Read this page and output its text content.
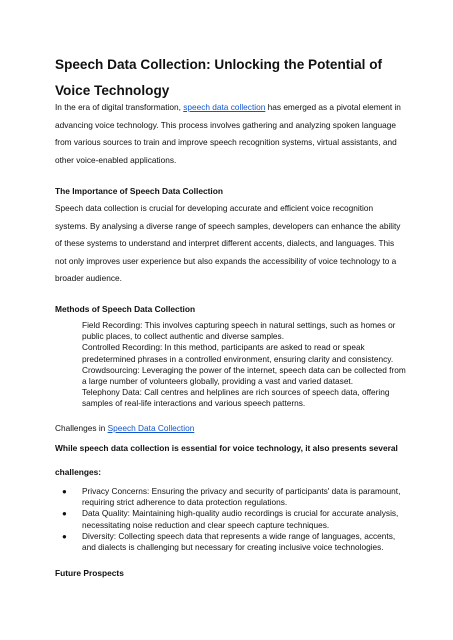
Speech Data Collection: Unlocking the Potential of Voice Technology
In the era of digital transformation, speech data collection has emerged as a pivotal element in advancing voice technology. This process involves gathering and analyzing spoken language from various sources to train and improve speech recognition systems, virtual assistants, and other voice-enabled applications.
The Importance of Speech Data Collection
Speech data collection is crucial for developing accurate and efficient voice recognition systems. By analysing a diverse range of speech samples, developers can enhance the ability of these systems to understand and interpret different accents, dialects, and languages. This not only improves user experience but also expands the accessibility of voice technology to a broader audience.
Methods of Speech Data Collection
Field Recording: This involves capturing speech in natural settings, such as homes or public places, to collect authentic and diverse samples.
Controlled Recording: In this method, participants are asked to read or speak predetermined phrases in a controlled environment, ensuring clarity and consistency.
Crowdsourcing: Leveraging the power of the internet, speech data can be collected from a large number of volunteers globally, providing a vast and varied dataset.
Telephony Data: Call centres and helplines are rich sources of speech data, offering samples of real-life interactions and various speech patterns.
Challenges in Speech Data Collection
While speech data collection is essential for voice technology, it also presents several challenges:
● Privacy Concerns: Ensuring the privacy and security of participants' data is paramount, requiring strict adherence to data protection regulations.
● Data Quality: Maintaining high-quality audio recordings is crucial for accurate analysis, necessitating noise reduction and clear speech capture techniques.
● Diversity: Collecting speech data that represents a wide range of languages, accents, and dialects is challenging but necessary for creating inclusive voice technologies.
Future Prospects
